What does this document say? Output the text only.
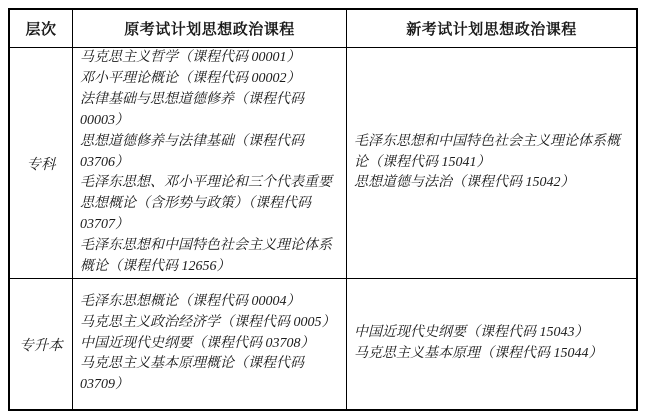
层次	原考试计划思想政治课程	新考试计划思想政治课程
专科
马克思主义哲学（课程代码 00001）
邓小平理论概论（课程代码 00002）
法律基础与思想道德修养（课程代码 00003）
思想道德修养与法律基础（课程代码 03706）
毛泽东思想、邓小平理论和三个代表重要思想概论（含形势与政策）（课程代码 03707）
毛泽东思想和中国特色社会主义理论体系概论（课程代码 12656）
毛泽东思想和中国特色社会主义理论体系概论（课程代码 15041）
思想道德与法治（课程代码 15042）
专升本
毛泽东思想概论（课程代码 00004）
马克思主义政治经济学（课程代码 0005）
中国近现代史纲要（课程代码 03708）
马克思主义基本原理概论（课程代码 03709）
中国近现代史纲要（课程代码 15043）
马克思主义基本原理（课程代码 15044）
